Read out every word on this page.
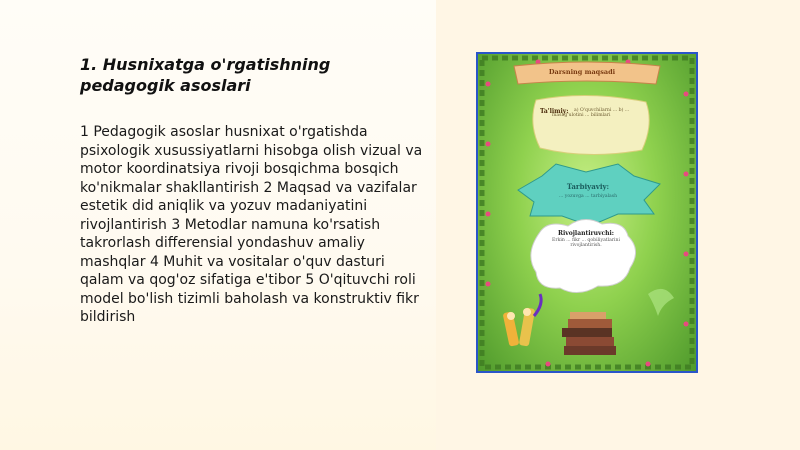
1. Husnixatga o'rgatishning pedagogik asoslari
1 Pedagogik asoslar husnixat o'rgatishda psixologik xusussiyatlarni hisobga olish vizual va motor koordinatsiya rivoji bosqichma bosqich ko'nikmalar shakllantirish 2 Maqsad va vazifalar estetik did aniqlik va yozuv madaniyatini rivojlantirish 3 Metodlar namuna ko'rsatish takrorlash differensial yondashuv amaliy mashqlar 4 Muhit va vositalar o'quv dasturi qalam va qog'oz sifatiga e'tibor 5 O'qituvchi roli model bo'lish tizimli baholash va konstruktiv fikr bildirish
Darsning maqsadi
Ta'limiy:	a) O'quvchilarni ... b) ... mashg'ulotini ... bilimlari
Tarbiyaviy:
... yozuvga ... tarbiyalash
Rivojlantiruvchi:
Erkin ... fikr ... qobiliyatlarini rivojlantirish.
